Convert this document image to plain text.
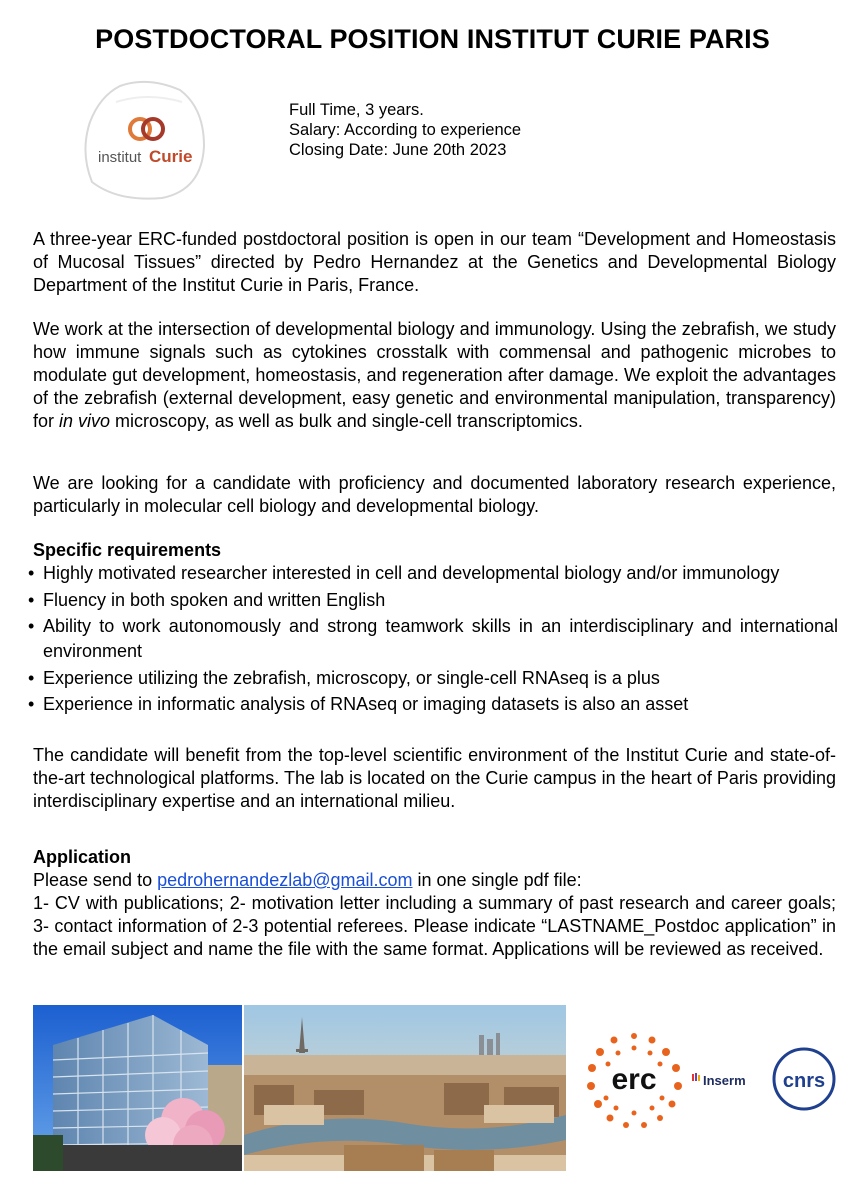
POSTDOCTORAL POSITION INSTITUT CURIE PARIS
institut Curie
Full Time, 3 years.
Salary: According to experience
Closing Date: June 20th 2023

A three-year ERC-funded postdoctoral position is open in our team “Development and Homeostasis of Mucosal Tissues” directed by Pedro Hernandez at the Genetics and Developmental Biology Department of the Institut Curie in Paris, France.

We work at the intersection of developmental biology and immunology. Using the zebrafish, we study how immune signals such as cytokines crosstalk with commensal and pathogenic microbes to modulate gut development, homeostasis, and regeneration after damage. We exploit the advantages of the zebrafish (external development, easy genetic and environmental manipulation, transparency) for in vivo microscopy, as well as bulk and single-cell transcriptomics.

We are looking for a candidate with proficiency and documented laboratory research experience, particularly in molecular cell biology and developmental biology.

Specific requirements
• Highly motivated researcher interested in cell and developmental biology and/or immunology
• Fluency in both spoken and written English
• Ability to work autonomously and strong teamwork skills in an interdisciplinary and international environment
• Experience utilizing the zebrafish, microscopy, or single-cell RNAseq is a plus
• Experience in informatic analysis of RNAseq or imaging datasets is also an asset

The candidate will benefit from the top-level scientific environment of the Institut Curie and state-of-the-art technological platforms. The lab is located on the Curie campus in the heart of Paris providing interdisciplinary expertise and an international milieu.

Application
Please send to pedrohernandezlab@gmail.com in one single pdf file:
1- CV with publications; 2- motivation letter including a summary of past research and career goals; 3- contact information of 2-3 potential referees. Please indicate “LASTNAME_Postdoc application” in the email subject and name the file with the same format. Applications will be reviewed as received.
erc	Inserm cnrs
